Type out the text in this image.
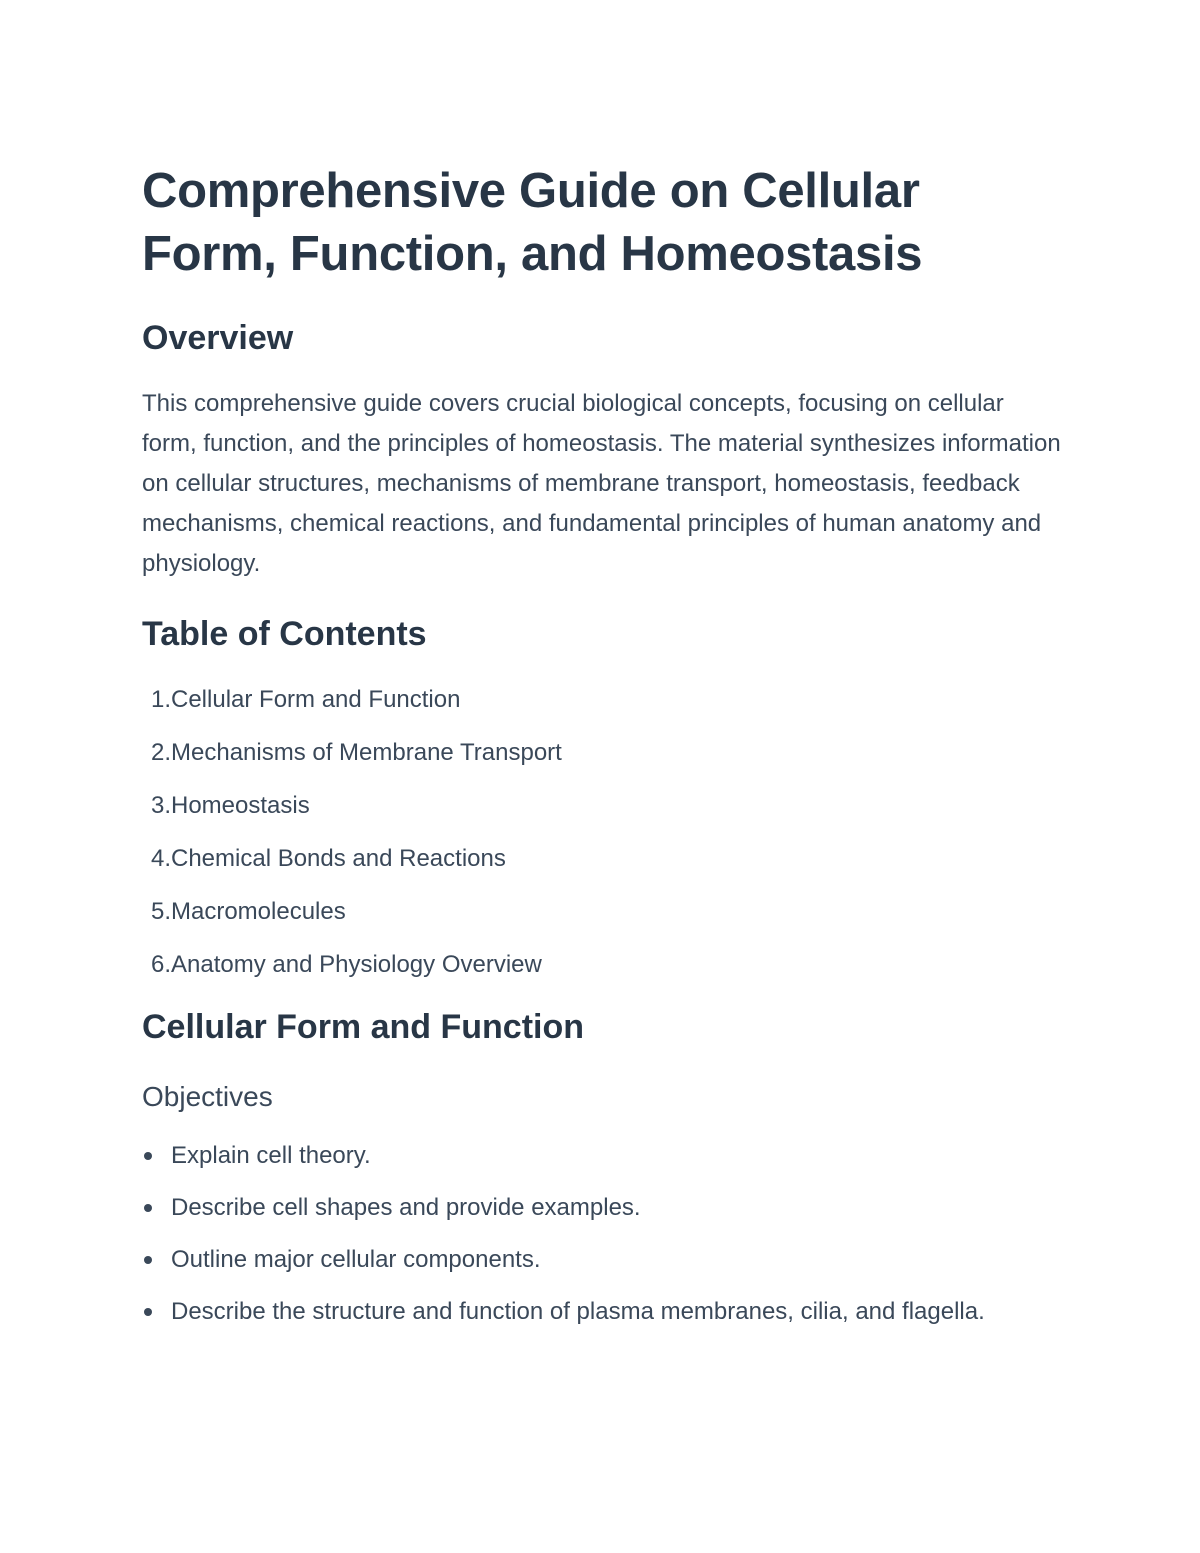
Comprehensive Guide on Cellular Form, Function, and Homeostasis
Overview

This comprehensive guide covers crucial biological concepts, focusing on cellular form, function, and the principles of homeostasis. The material synthesizes information on cellular structures, mechanisms of membrane transport, homeostasis, feedback mechanisms, chemical reactions, and fundamental principles of human anatomy and physiology.

Table of Contents
1. Cellular Form and Function
2. Mechanisms of Membrane Transport
3. Homeostasis
4. Chemical Bonds and Reactions
5. Macromolecules
6. Anatomy and Physiology Overview
Cellular Form and Function
Objectives
Explain cell theory.
Describe cell shapes and provide examples.
Outline major cellular components.
Describe the structure and function of plasma membranes, cilia, and flagella.
